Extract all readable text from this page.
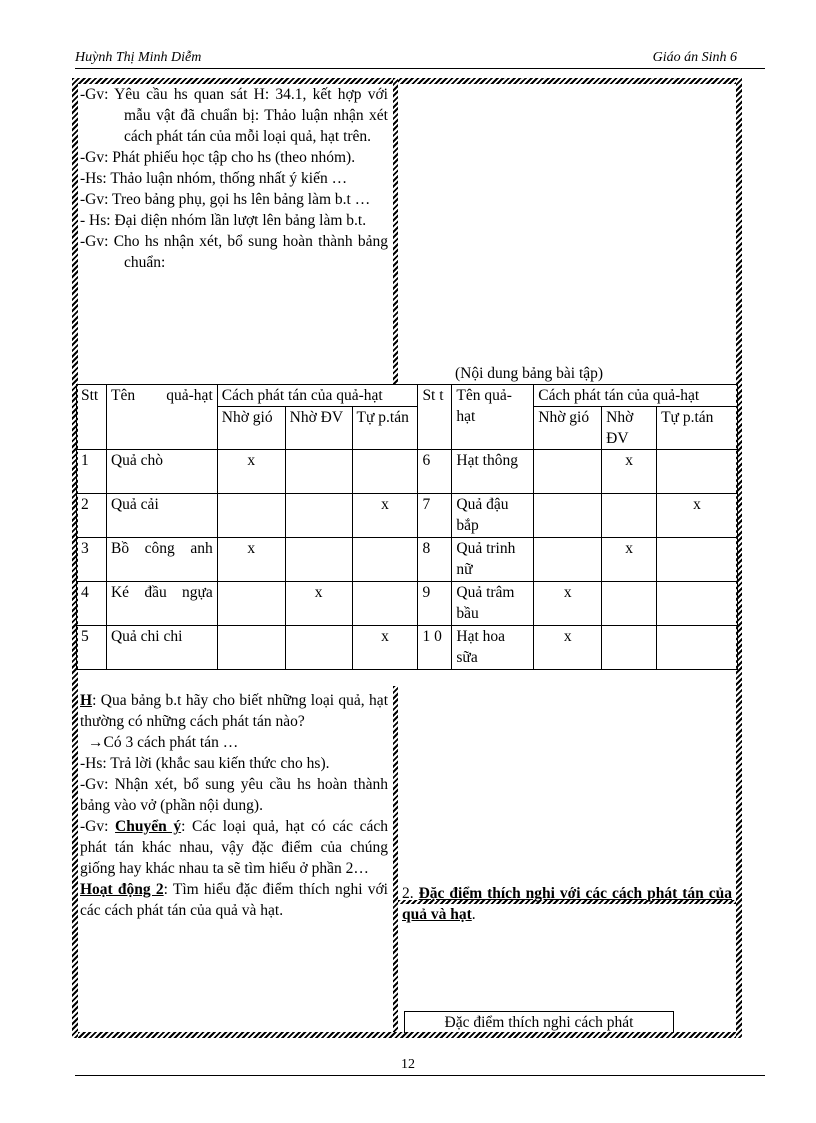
Huỳnh Thị Minh Diễm	Giáo án Sinh 6
-Gv: Yêu cầu hs quan sát H: 34.1, kết hợp với mẫu vật đã chuẩn bị: Thảo luận nhận xét cách phát tán của mỗi loại quả, hạt trên.
-Gv: Phát phiếu học tập cho hs (theo nhóm).
-Hs: Thảo luận nhóm, thống nhất ý kiến …
-Gv: Treo bảng phụ, gọi hs lên bảng làm b.t …
- Hs: Đại diện nhóm lần lượt lên bảng làm b.t.
-Gv: Cho hs nhận xét, bổ sung hoàn thành bảng chuẩn:
(Nội dung bảng bài tập)
Stt	Tên quả-hạt	Cách phát tán của quả-hạt			St t	Tên quả-hạt	Cách phát tán của quả-hạt		
		Nhờ gió	Nhờ ĐV	Tự p.tán			Nhờ gió	Nhờ ĐV	Tự p.tán
1	Quả chò	x			6	Hạt thông		x	
2	Quả cải			x	7	Quả đậu bắp			x
3	Bồ công anh	x			8	Quả trinh nữ		x	
4	Ké đầu ngựa		x		9	Quả trâm bầu	x		
5	Quả chi chi			x	1 0	Hạt hoa sữa	x		
H: Qua bảng b.t hãy cho biết những loại quả, hạt thường có những cách phát tán nào?
→Có 3 cách phát tán …
-Hs: Trả lời (khắc sau kiến thức cho hs).
-Gv: Nhận xét, bổ sung yêu cầu hs hoàn thành bảng vào vở (phần nội dung).
-Gv: Chuyển ý: Các loại quả, hạt có các cách phát tán khác nhau, vậy đặc điểm của chúng giống hay khác nhau ta sẽ tìm hiểu ở phần 2…
Hoạt động 2: Tìm hiểu đặc điểm thích nghi với các cách phát tán của quả và hạt.
2. Đặc điểm thích nghi với các cách phát tán của quả và hạt.
Đặc điểm thích nghi cách phát
12
